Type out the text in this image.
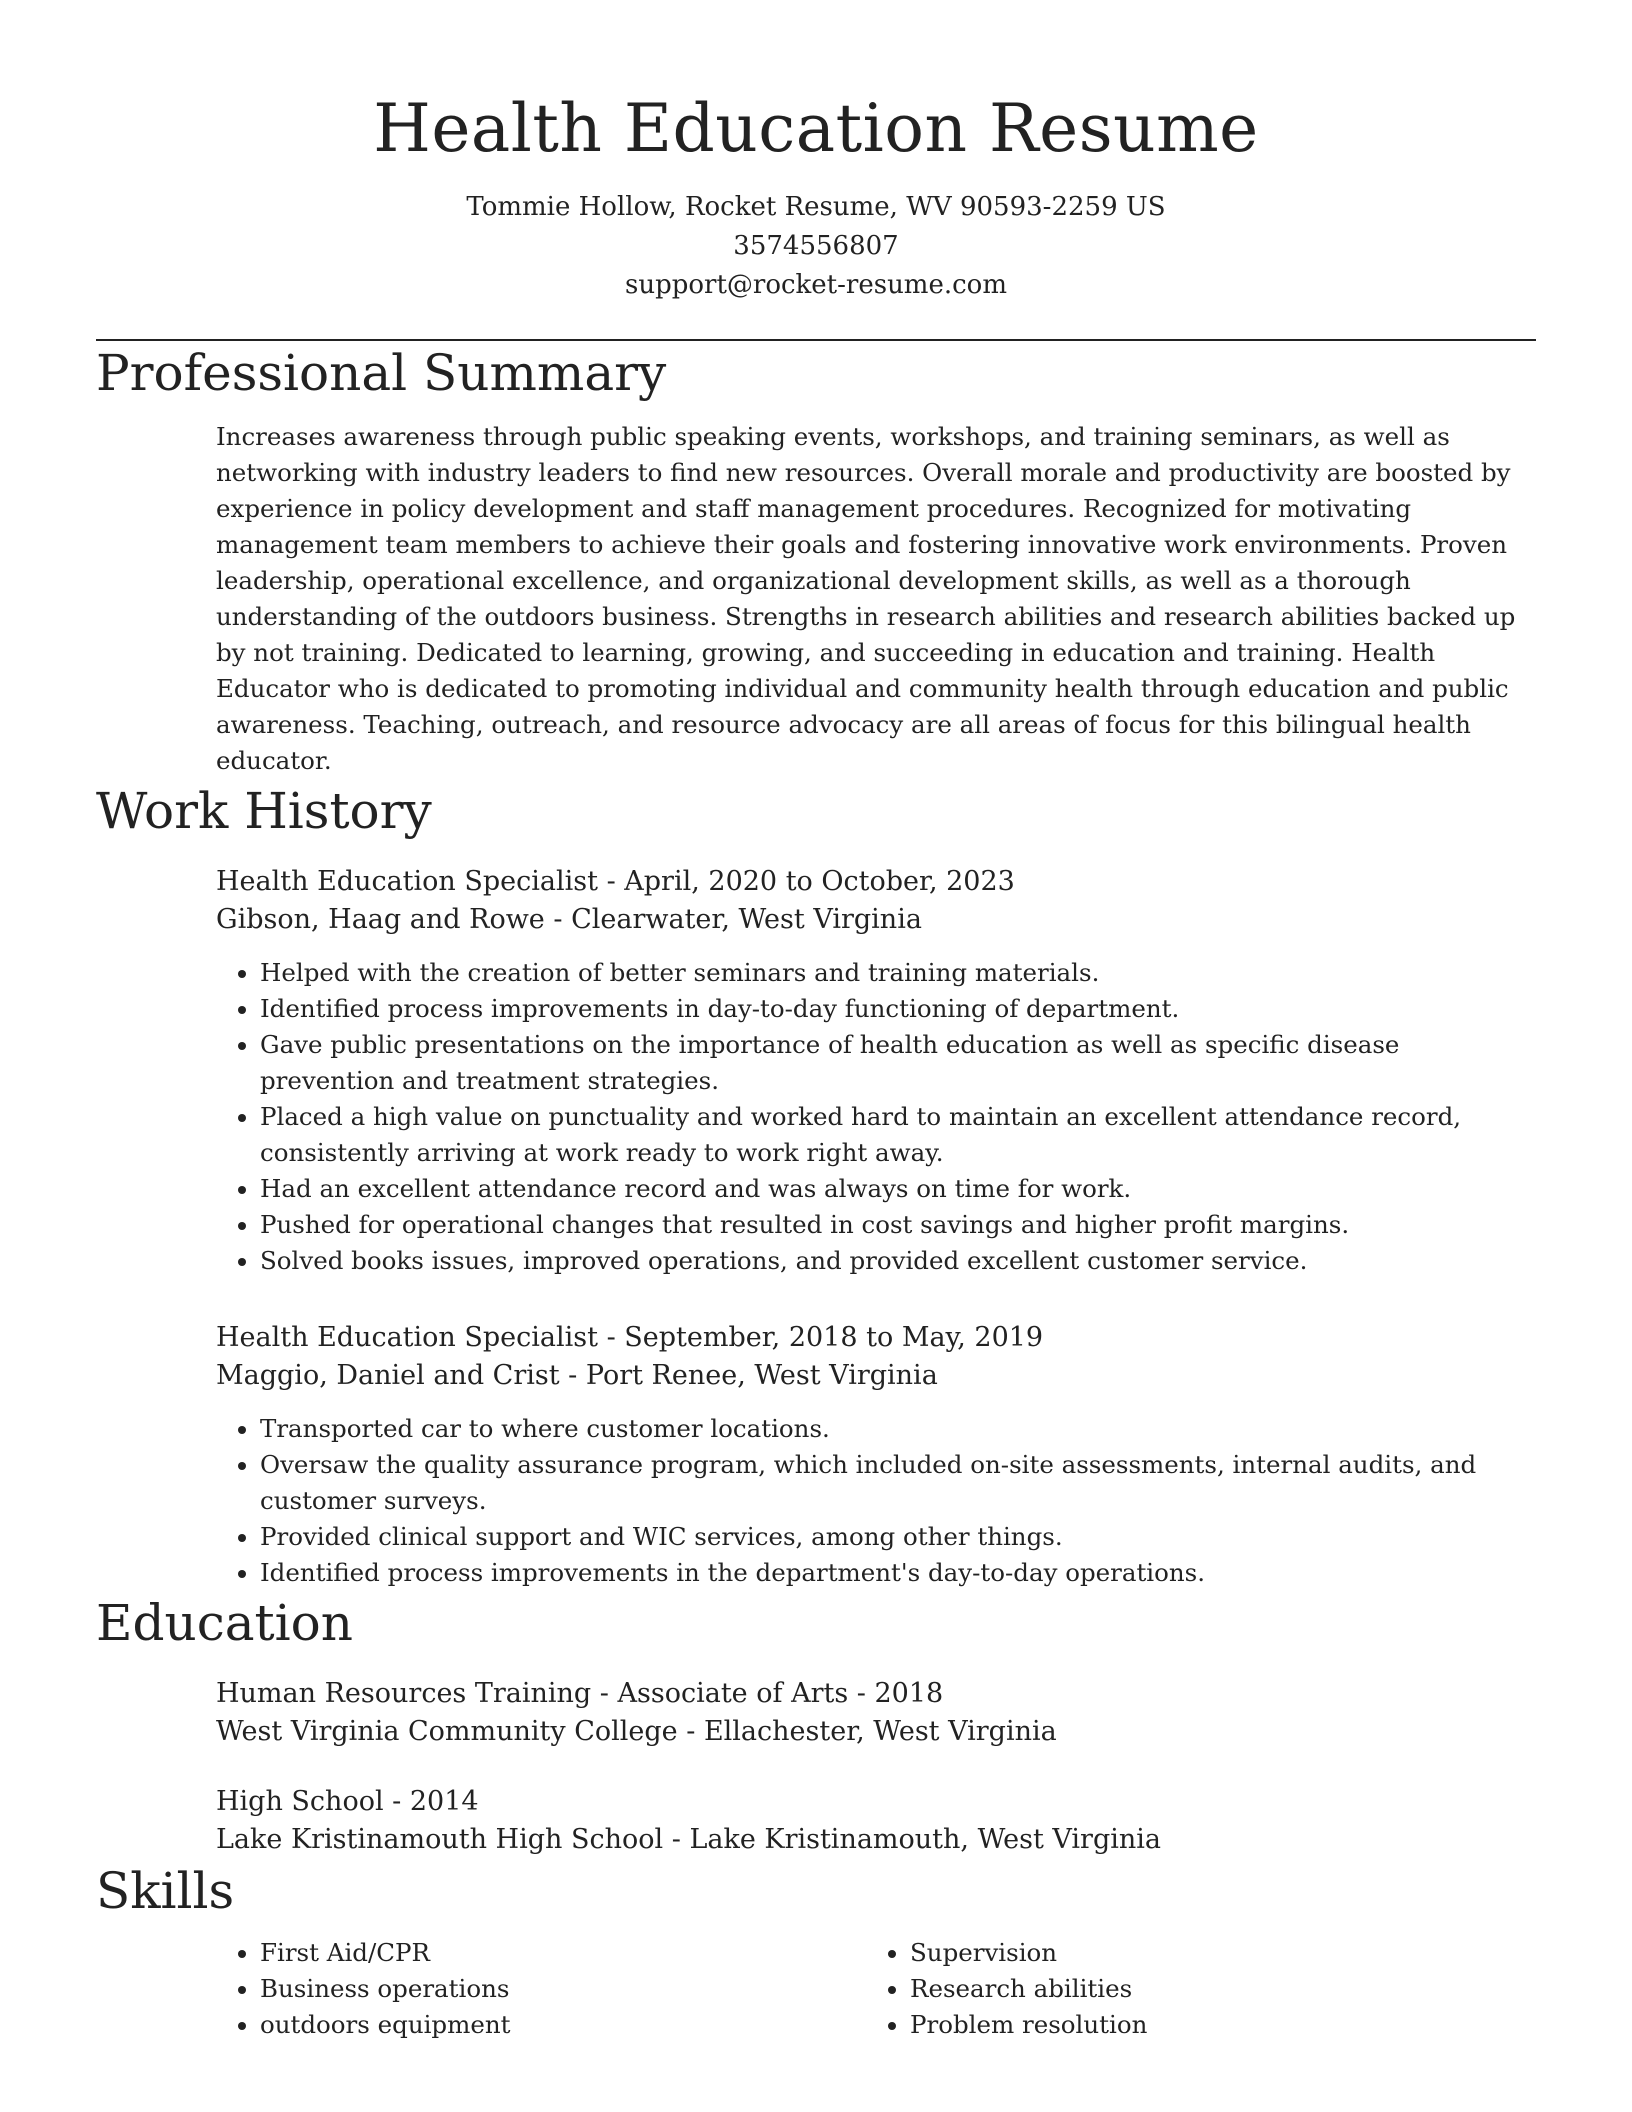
Health Education Resume
Tommie Hollow, Rocket Resume, WV 90593-2259 US
3574556807
support@rocket-resume.com
Professional Summary
Increases awareness through public speaking events, workshops, and training seminars, as well as networking with industry leaders to find new resources. Overall morale and productivity are boosted by experience in policy development and staff management procedures. Recognized for motivating management team members to achieve their goals and fostering innovative work environments. Proven leadership, operational excellence, and organizational development skills, as well as a thorough understanding of the outdoors business. Strengths in research abilities and research abilities backed up by not training. Dedicated to learning, growing, and succeeding in education and training. Health Educator who is dedicated to promoting individual and community health through education and public awareness. Teaching, outreach, and resource advocacy are all areas of focus for this bilingual health educator.
Work History
Health Education Specialist - April, 2020 to October, 2023
Gibson, Haag and Rowe - Clearwater, West Virginia
• Helped with the creation of better seminars and training materials.
• Identified process improvements in day-to-day functioning of department.
• Gave public presentations on the importance of health education as well as specific disease prevention and treatment strategies.
• Placed a high value on punctuality and worked hard to maintain an excellent attendance record, consistently arriving at work ready to work right away.
• Had an excellent attendance record and was always on time for work.
• Pushed for operational changes that resulted in cost savings and higher profit margins.
• Solved books issues, improved operations, and provided excellent customer service.
Health Education Specialist - September, 2018 to May, 2019
Maggio, Daniel and Crist - Port Renee, West Virginia
• Transported car to where customer locations.
• Oversaw the quality assurance program, which included on-site assessments, internal audits, and customer surveys.
• Provided clinical support and WIC services, among other things.
• Identified process improvements in the department's day-to-day operations.
Education
Human Resources Training - Associate of Arts - 2018
West Virginia Community College - Ellachester, West Virginia
High School - 2014
Lake Kristinamouth High School - Lake Kristinamouth, West Virginia
Skills
• First Aid/CPR
• Business operations
• outdoors equipment
• Supervision
• Research abilities
• Problem resolution
